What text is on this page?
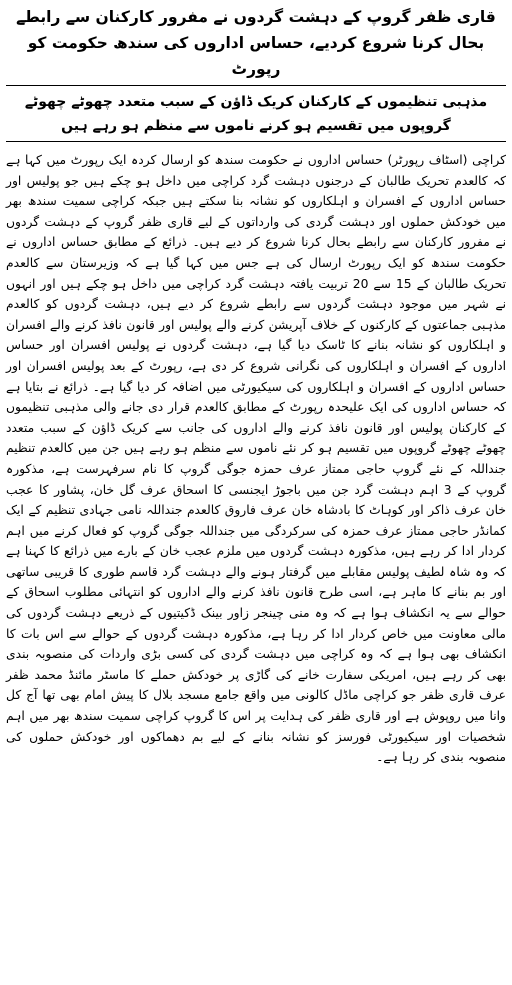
قاری ظفر گروپ کے دہشت گردوں نے مفرور کارکنان سے رابطے بحال کرنا شروع کردیے، حساس اداروں کی سندھ حکومت کو رپورٹ
مذہبی تنظیموں کے کارکنان کریک ڈاؤن کے سبب متعدد چھوٹے چھوٹے گروپوں میں تقسیم ہو کرنے ناموں سے منظم ہو رہے ہیں

کراچی (اسٹاف رپورٹر) حساس اداروں نے حکومت سندھ کو ارسال کردہ ایک رپورٹ میں کہا ہے کہ کالعدم تحریک طالبان کے درجنوں دہشت گرد کراچی میں داخل ہو چکے ہیں جو پولیس اور حساس اداروں کے افسران و اہلکاروں کو نشانہ بنا سکتے ہیں جبکہ کراچی سمیت سندھ بھر میں خودکش حملوں اور دہشت گردی کی وارداتوں کے لیے قاری ظفر گروپ کے دہشت گردوں نے مفرور کارکنان سے رابطے بحال کرنا شروع کر دیے ہیں۔ ذرائع کے مطابق حساس اداروں نے حکومت سندھ کو ایک رپورٹ ارسال کی ہے جس میں کہا گیا ہے کہ وزیرستان سے کالعدم تحریک طالبان کے 15 سے 20 تربیت یافتہ دہشت گرد کراچی میں داخل ہو چکے ہیں اور انہوں نے شہر میں موجود دہشت گردوں سے رابطے شروع کر دیے ہیں، دہشت گردوں کو کالعدم مذہبی جماعتوں کے کارکنوں کے خلاف آپریشن کرنے والے پولیس اور قانون نافذ کرنے والے افسران و اہلکاروں کو نشانہ بنانے کا ٹاسک دیا گیا ہے، دہشت گردوں نے پولیس افسران اور حساس اداروں کے افسران و اہلکاروں کی نگرانی شروع کر دی ہے، رپورٹ کے بعد پولیس افسران اور حساس اداروں کے افسران و اہلکاروں کی سیکیورٹی میں اضافہ کر دیا گیا ہے۔ ذرائع نے بتایا ہے کہ حساس اداروں کی ایک علیحدہ رپورٹ کے مطابق کالعدم قرار دی جانے والی مذہبی تنظیموں کے کارکنان پولیس اور قانون نافذ کرنے والے اداروں کی جانب سے کریک ڈاؤن کے سبب متعدد چھوٹے چھوٹے گروپوں میں تقسیم ہو کر نئے ناموں سے منظم ہو رہے ہیں جن میں کالعدم تنظیم جنداللہ کے نئے گروپ حاجی ممتاز عرف حمزہ جوگی گروپ کا نام سرفہرست ہے، مذکورہ گروپ کے 3 اہم دہشت گرد جن میں باجوڑ ایجنسی کا اسحاق عرف گل خان، پشاور کا عجب خان عرف ذاکر اور کوہاٹ کا بادشاہ خان عرف فاروق کالعدم جنداللہ نامی جہادی تنظیم کے ایک کمانڈر حاجی ممتاز عرف حمزہ کی سرکردگی میں جنداللہ جوگی گروپ کو فعال کرنے میں اہم کردار ادا کر رہے ہیں، مذکورہ دہشت گردوں میں ملزم عجب خان کے بارے میں ذرائع کا کہنا ہے کہ وہ شاہ لطیف پولیس مقابلے میں گرفتار ہونے والے دہشت گرد قاسم طوری کا قریبی ساتھی اور بم بنانے کا ماہر ہے، اسی طرح قانون نافذ کرنے والے اداروں کو انتہائی مطلوب اسحاق کے حوالے سے یہ انکشاف ہوا ہے کہ وہ منی چینجر زاور بینک ڈکیتیوں کے ذریعے دہشت گردوں کی مالی معاونت میں خاص کردار ادا کر رہا ہے، مذکورہ دہشت گردوں کے حوالے سے اس بات کا انکشاف بھی ہوا ہے کہ وہ کراچی میں دہشت گردی کی کسی بڑی واردات کی منصوبہ بندی بھی کر رہے ہیں، امریکی سفارت خانے کی گاڑی پر خودکش حملے کا ماسٹر مائنڈ محمد ظفر عرف قاری ظفر جو کراچی ماڈل کالونی میں واقع جامع مسجد بلال کا پیش امام بھی تھا آج کل وانا میں روپوش ہے اور قاری ظفر کی ہدایت پر اس کا گروپ کراچی سمیت سندھ بھر میں اہم شخصیات اور سیکیورٹی فورسز کو نشانہ بنانے کے لیے بم دھماکوں اور خودکش حملوں کی منصوبہ بندی کر رہا ہے۔
